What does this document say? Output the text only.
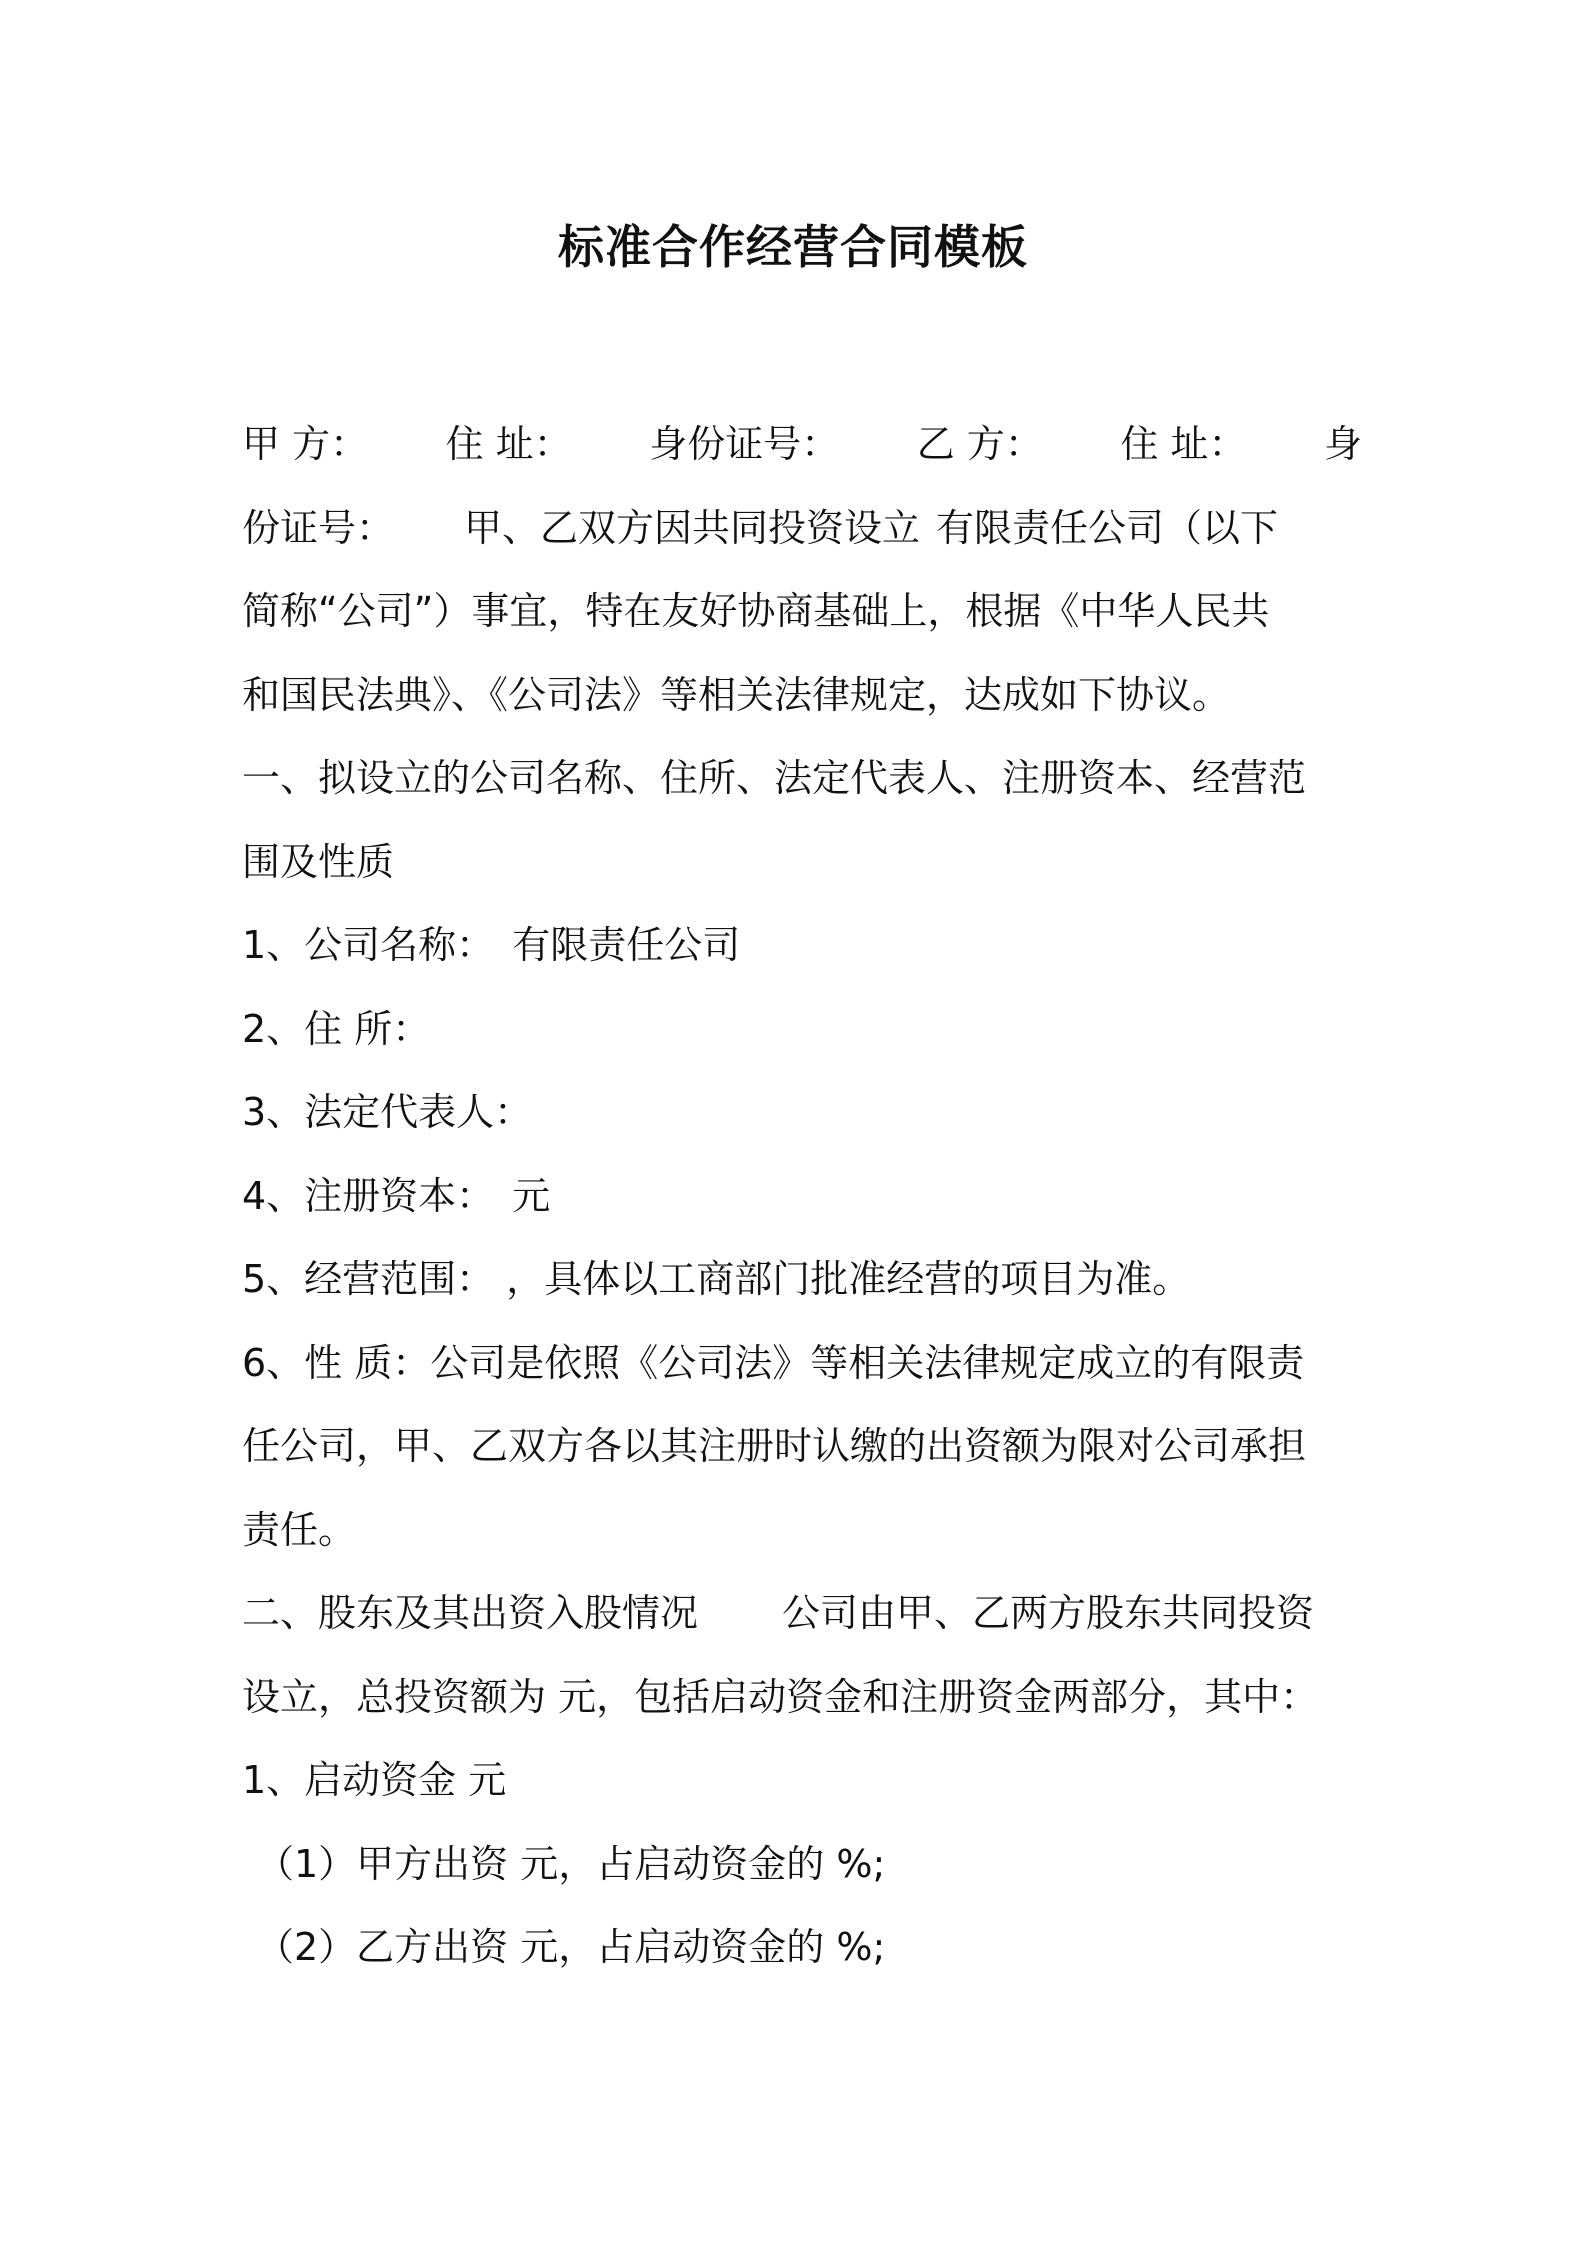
标准合作经营合同模板
甲 方： 住 址： 身份证号： 乙 方： 住 址： 身
份证号： 甲、乙双方因共同投资设立 有限责任公司（以下
简称“公司”）事宜，特在友好协商基础上，根据《中华人民共
和国民法典》、《公司法》等相关法律规定，达成如下协议。
一、拟设立的公司名称、住所、法定代表人、注册资本、经营范
围及性质
1、公司名称： 有限责任公司
2、住 所：
3、法定代表人：
4、注册资本： 元
5、经营范围： ，具体以工商部门批准经营的项目为准。
6、性 质：公司是依照《公司法》等相关法律规定成立的有限责
任公司，甲、乙双方各以其注册时认缴的出资额为限对公司承担
责任。
二、股东及其出资入股情况 公司由甲、乙两方股东共同投资
设立，总投资额为 元，包括启动资金和注册资金两部分，其中：
1、启动资金 元
（1）甲方出资 元，占启动资金的 %;
（2）乙方出资 元，占启动资金的 %;
